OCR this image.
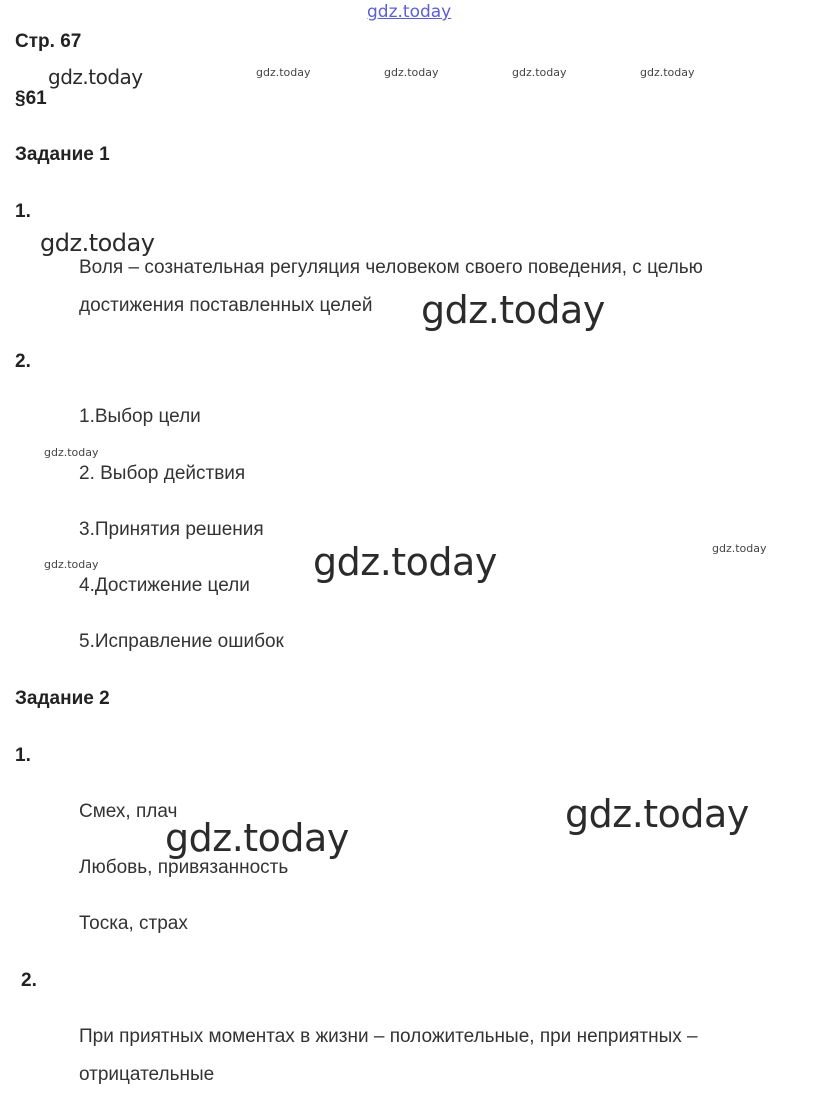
gdz.today
Стр. 67
gdz.today	gdz.today	gdz.today	gdz.today	gdz.today
§61
Задание 1
1.
gdz.today
Воля – сознательная регуляция человеком своего поведения, с целью
достижения поставленных целей gdz.today
2.
1.Выбор цели
gdz.today
2. Выбор действия
3.Принятия решения
gdz.today
gdz.today
gdz.today
4.Достижение цели
5.Исправление ошибок
Задание 2
1.
Смех, плач	gdz.today
gdz.today
Любовь, привязанность
Тоска, страх
2.
При приятных моментах в жизни – положительные, при неприятных –
отрицательные
